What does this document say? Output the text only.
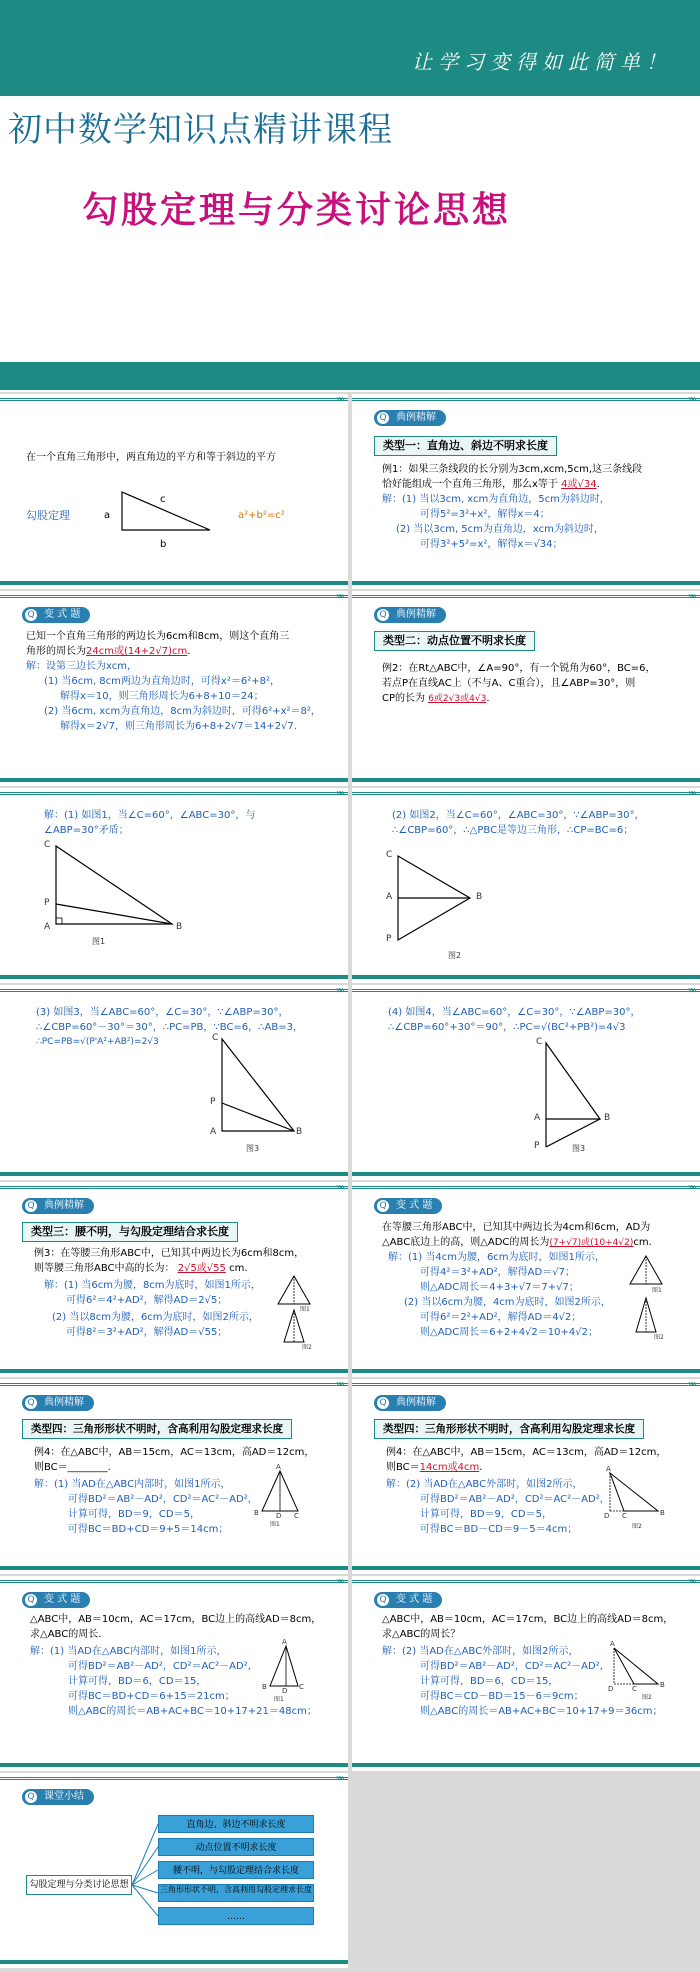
让学习变得如此简单！
初中数学知识点精讲课程
勾股定理与分类讨论思想
»»
在一个直角三角形中，两直角边的平方和等于斜边的平方
勾股定理	a
c
b
a²+b²=c²
»»
Q 典例精解
类型一：直角边、斜边不明求长度
例1：如果三条线段的长分别为3cm,xcm,5cm,这三条线段
恰好能组成一个直角三角形，那么x等于 4或√34.
解：(1) 当以3cm, xcm为直角边，5cm为斜边时，
可得5²=3²+x²，解得x＝4；
(2) 当以3cm, 5cm为直角边，xcm为斜边时，
可得3²+5²=x²，解得x＝√34；
»»
Q 变 式 题
已知一个直角三角形的两边长为6cm和8cm，则这个直角三
角形的周长为24cm或(14+2√7)cm.
解：设第三边长为xcm，
(1) 当6cm, 8cm两边为直角边时，可得x²＝6²+8²，
解得x＝10，则三角形周长为6+8+10＝24；
(2) 当6cm, xcm为直角边，8cm为斜边时，可得6²+x²＝8²，
解得x＝2√7，则三角形周长为6+8+2√7＝14+2√7.
»»
Q 典例精解
类型二：动点位置不明求长度
例2：在Rt△ABC中，∠A=90°，有一个锐角为60°，BC=6，
若点P在直线AC上（不与A、C重合），且∠ABP=30°，则
CP的长为 6或2√3或4√3.
»»
解：(1) 如图1，当∠C=60°，∠ABC=30°，与
∠ABP=30°矛盾；
C
P
A	B
图1
»»
(2) 如图2，当∠C=60°，∠ABC=30°，∵∠ABP=30°，
∴∠CBP=60°，∴△PBC是等边三角形，∴CP=BC=6；
C
A
P
B
图2
»»
(3) 如图3，当∠ABC=60°，∠C=30°，∵∠ABP=30°，
∴∠CBP=60°－30°＝30°，∴PC=PB，∵BC=6，∴AB=3，
∴PC=PB=√(P'A²+AB²)=2√3	C
P
A	B
图3
»»
(4) 如图4，当∠ABC=60°，∠C=30°，∵∠ABP=30°，
∴∠CBP=60°+30°＝90°，∴PC=√(BC²+PB²)=4√3
C
A	B
P	图3
»»
Q 典例精解
类型三：腰不明，与勾股定理结合求长度
例3：在等腰三角形ABC中，已知其中两边长为6cm和8cm，
则等腰三角形ABC中高的长为： 2√5或√55 cm.
解：(1) 当6cm为腰，8cm为底时，如图1所示，
可得6²＝4²+AD²，解得AD＝2√5；
(2) 当以8cm为腰，6cm为底时，如图2所示，
可得8²＝3²+AD²，解得AD＝√55；
图1
图2
»»
Q 变 式 题
在等腰三角形ABC中，已知其中两边长为4cm和6cm，AD为
△ABC底边上的高，则△ADC的周长为(7+√7)或(10+4√2)cm.
解：(1) 当4cm为腰，6cm为底时，如图1所示，
可得4²＝3²+AD²，解得AD＝√7；
则△ADC周长＝4+3+√7＝7+√7；
(2) 当以6cm为腰，4cm为底时，如图2所示，
可得6²＝2²+AD²，解得AD＝4√2；
则△ADC周长＝6+2+4√2＝10+4√2；
图1
图2
»»
Q 典例精解
类型四：三角形形状不明时，含高利用勾股定理求长度
例4：在△ABC中，AB＝15cm，AC＝13cm，高AD＝12cm，
则BC＝________.
解：(1) 当AD在△ABC内部时，如图1所示，
可得BD²＝AB²－AD²，CD²＝AC²－AD²，
计算可得，BD＝9，CD＝5，
可得BC＝BD+CD＝9+5＝14cm；
A
B D C
图1
»»
Q 典例精解
类型四：三角形形状不明时，含高利用勾股定理求长度
例4：在△ABC中，AB＝15cm，AC＝13cm，高AD＝12cm，
则BC＝14cm或4cm.
解：(2) 当AD在△ABC外部时，如图2所示，
可得BD²＝AB²－AD²，CD²＝AC²－AD²，
计算可得，BD＝9，CD＝5，
可得BC＝BD－CD＝9－5＝4cm；
A
B
C
D
图2
»»
Q 变 式 题
△ABC中，AB＝10cm，AC＝17cm，BC边上的高线AD＝8cm，
求△ABC的周长.
解：(1) 当AD在△ABC内部时，如图1所示，
可得BD²＝AB²－AD²，CD²＝AC²－AD²，
计算可得，BD＝6，CD＝15，
可得BC＝BD+CD＝6+15＝21cm；
则△ABC的周长＝AB+AC+BC＝10+17+21＝48cm；
A
B D C
图1
»»
Q 变 式 题
△ABC中，AB＝10cm，AC＝17cm，BC边上的高线AD＝8cm，
求△ABC的周长？
解：(2) 当AD在△ABC外部时，如图2所示，
可得BD²＝AB²－AD²，CD²＝AC²－AD²，
计算可得，BD＝6，CD＝15，
可得BC＝CD－BD＝15－6＝9cm；
则△ABC的周长＝AB+AC+BC＝10+17+9＝36cm；
A
B
C
D
图2
»»
Q 课堂小结
勾股定理与分类讨论思想
直角边、斜边不明求长度
动点位置不明求长度
腰不明，与勾股定理结合求长度
三角形形状不明，含高利用勾股定理求长度
……
